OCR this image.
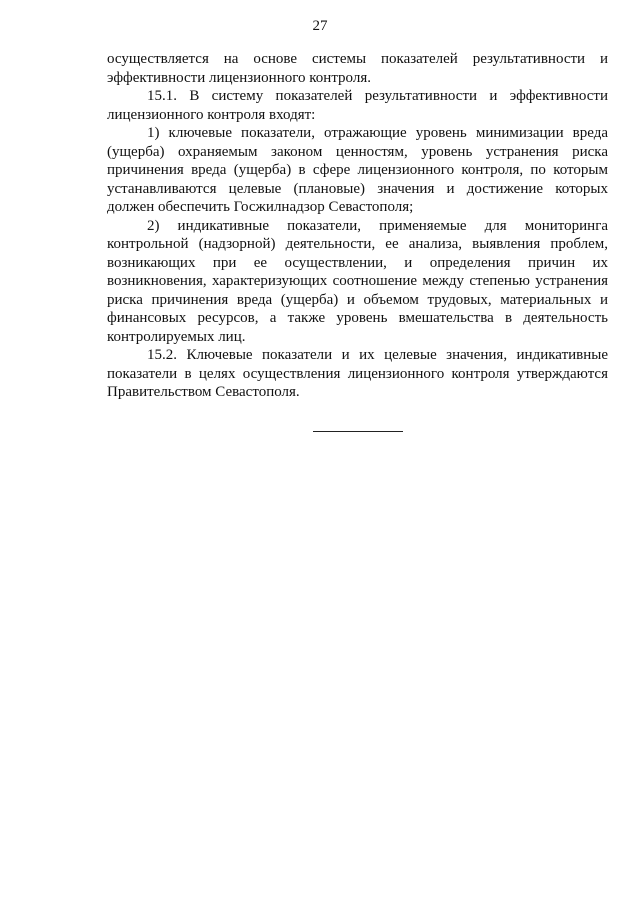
27

осуществляется на основе системы показателей результативности и эффективности лицензионного контроля.

15.1. В систему показателей результативности и эффективности лицензионного контроля входят:

1) ключевые показатели, отражающие уровень минимизации вреда (ущерба) охраняемым законом ценностям, уровень устранения риска причинения вреда (ущерба) в сфере лицензионного контроля, по которым устанавливаются целевые (плановые) значения и достижение которых должен обеспечить Госжилнадзор Севастополя;

2) индикативные показатели, применяемые для мониторинга контрольной (надзорной) деятельности, ее анализа, выявления проблем, возникающих при ее осуществлении, и определения причин их возникновения, характеризующих соотношение между степенью устранения риска причинения вреда (ущерба) и объемом трудовых, материальных и финансовых ресурсов, а также уровень вмешательства в деятельность контролируемых лиц.

15.2. Ключевые показатели и их целевые значения, индикативные показатели в целях осуществления лицензионного контроля утверждаются Правительством Севастополя.
